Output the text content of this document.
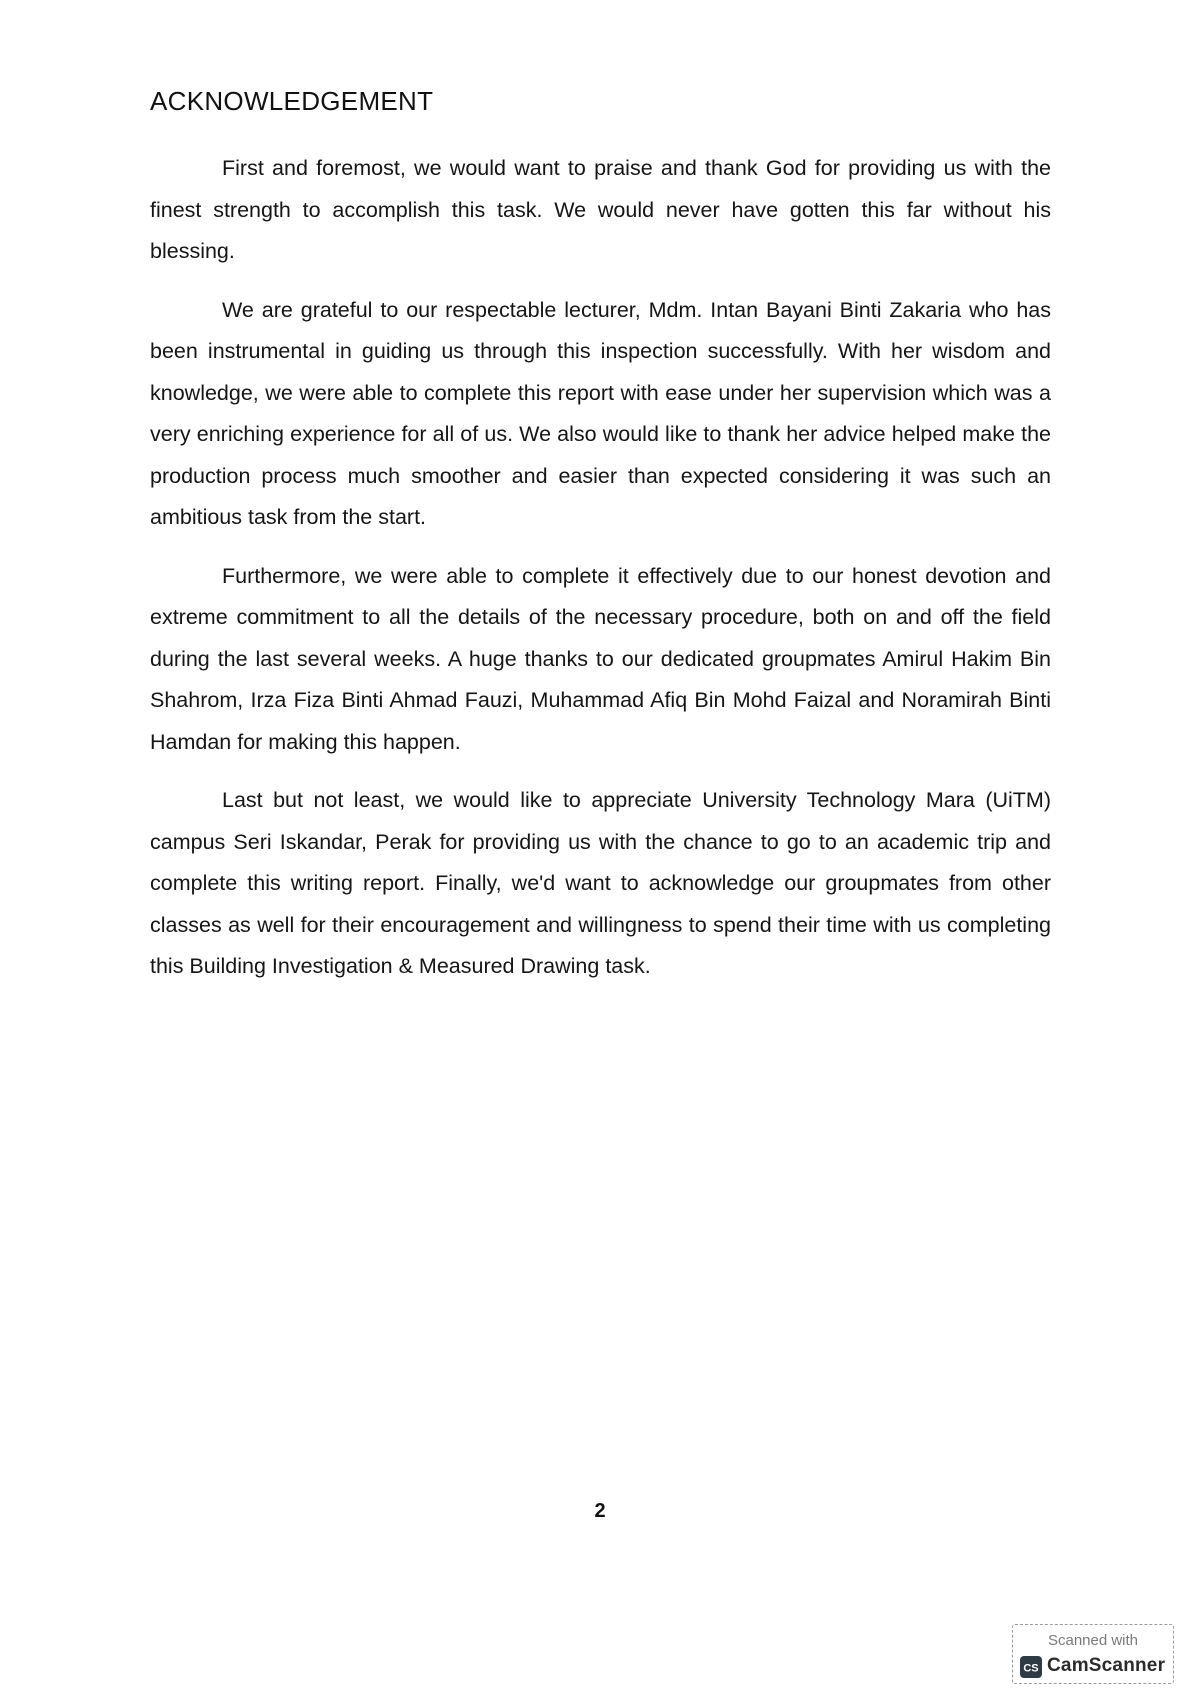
ACKNOWLEDGEMENT

First and foremost, we would want to praise and thank God for providing us with the finest strength to accomplish this task. We would never have gotten this far without his blessing.

We are grateful to our respectable lecturer, Mdm. Intan Bayani Binti Zakaria who has been instrumental in guiding us through this inspection successfully. With her wisdom and knowledge, we were able to complete this report with ease under her supervision which was a very enriching experience for all of us. We also would like to thank her advice helped make the production process much smoother and easier than expected considering it was such an ambitious task from the start.

Furthermore, we were able to complete it effectively due to our honest devotion and extreme commitment to all the details of the necessary procedure, both on and off the field during the last several weeks. A huge thanks to our dedicated groupmates Amirul Hakim Bin Shahrom, Irza Fiza Binti Ahmad Fauzi, Muhammad Afiq Bin Mohd Faizal and Noramirah Binti Hamdan for making this happen.

Last but not least, we would like to appreciate University Technology Mara (UiTM) campus Seri Iskandar, Perak for providing us with the chance to go to an academic trip and complete this writing report. Finally, we'd want to acknowledge our groupmates from other classes as well for their encouragement and willingness to spend their time with us completing this Building Investigation & Measured Drawing task.

2
Scanned with
CS CamScanner
